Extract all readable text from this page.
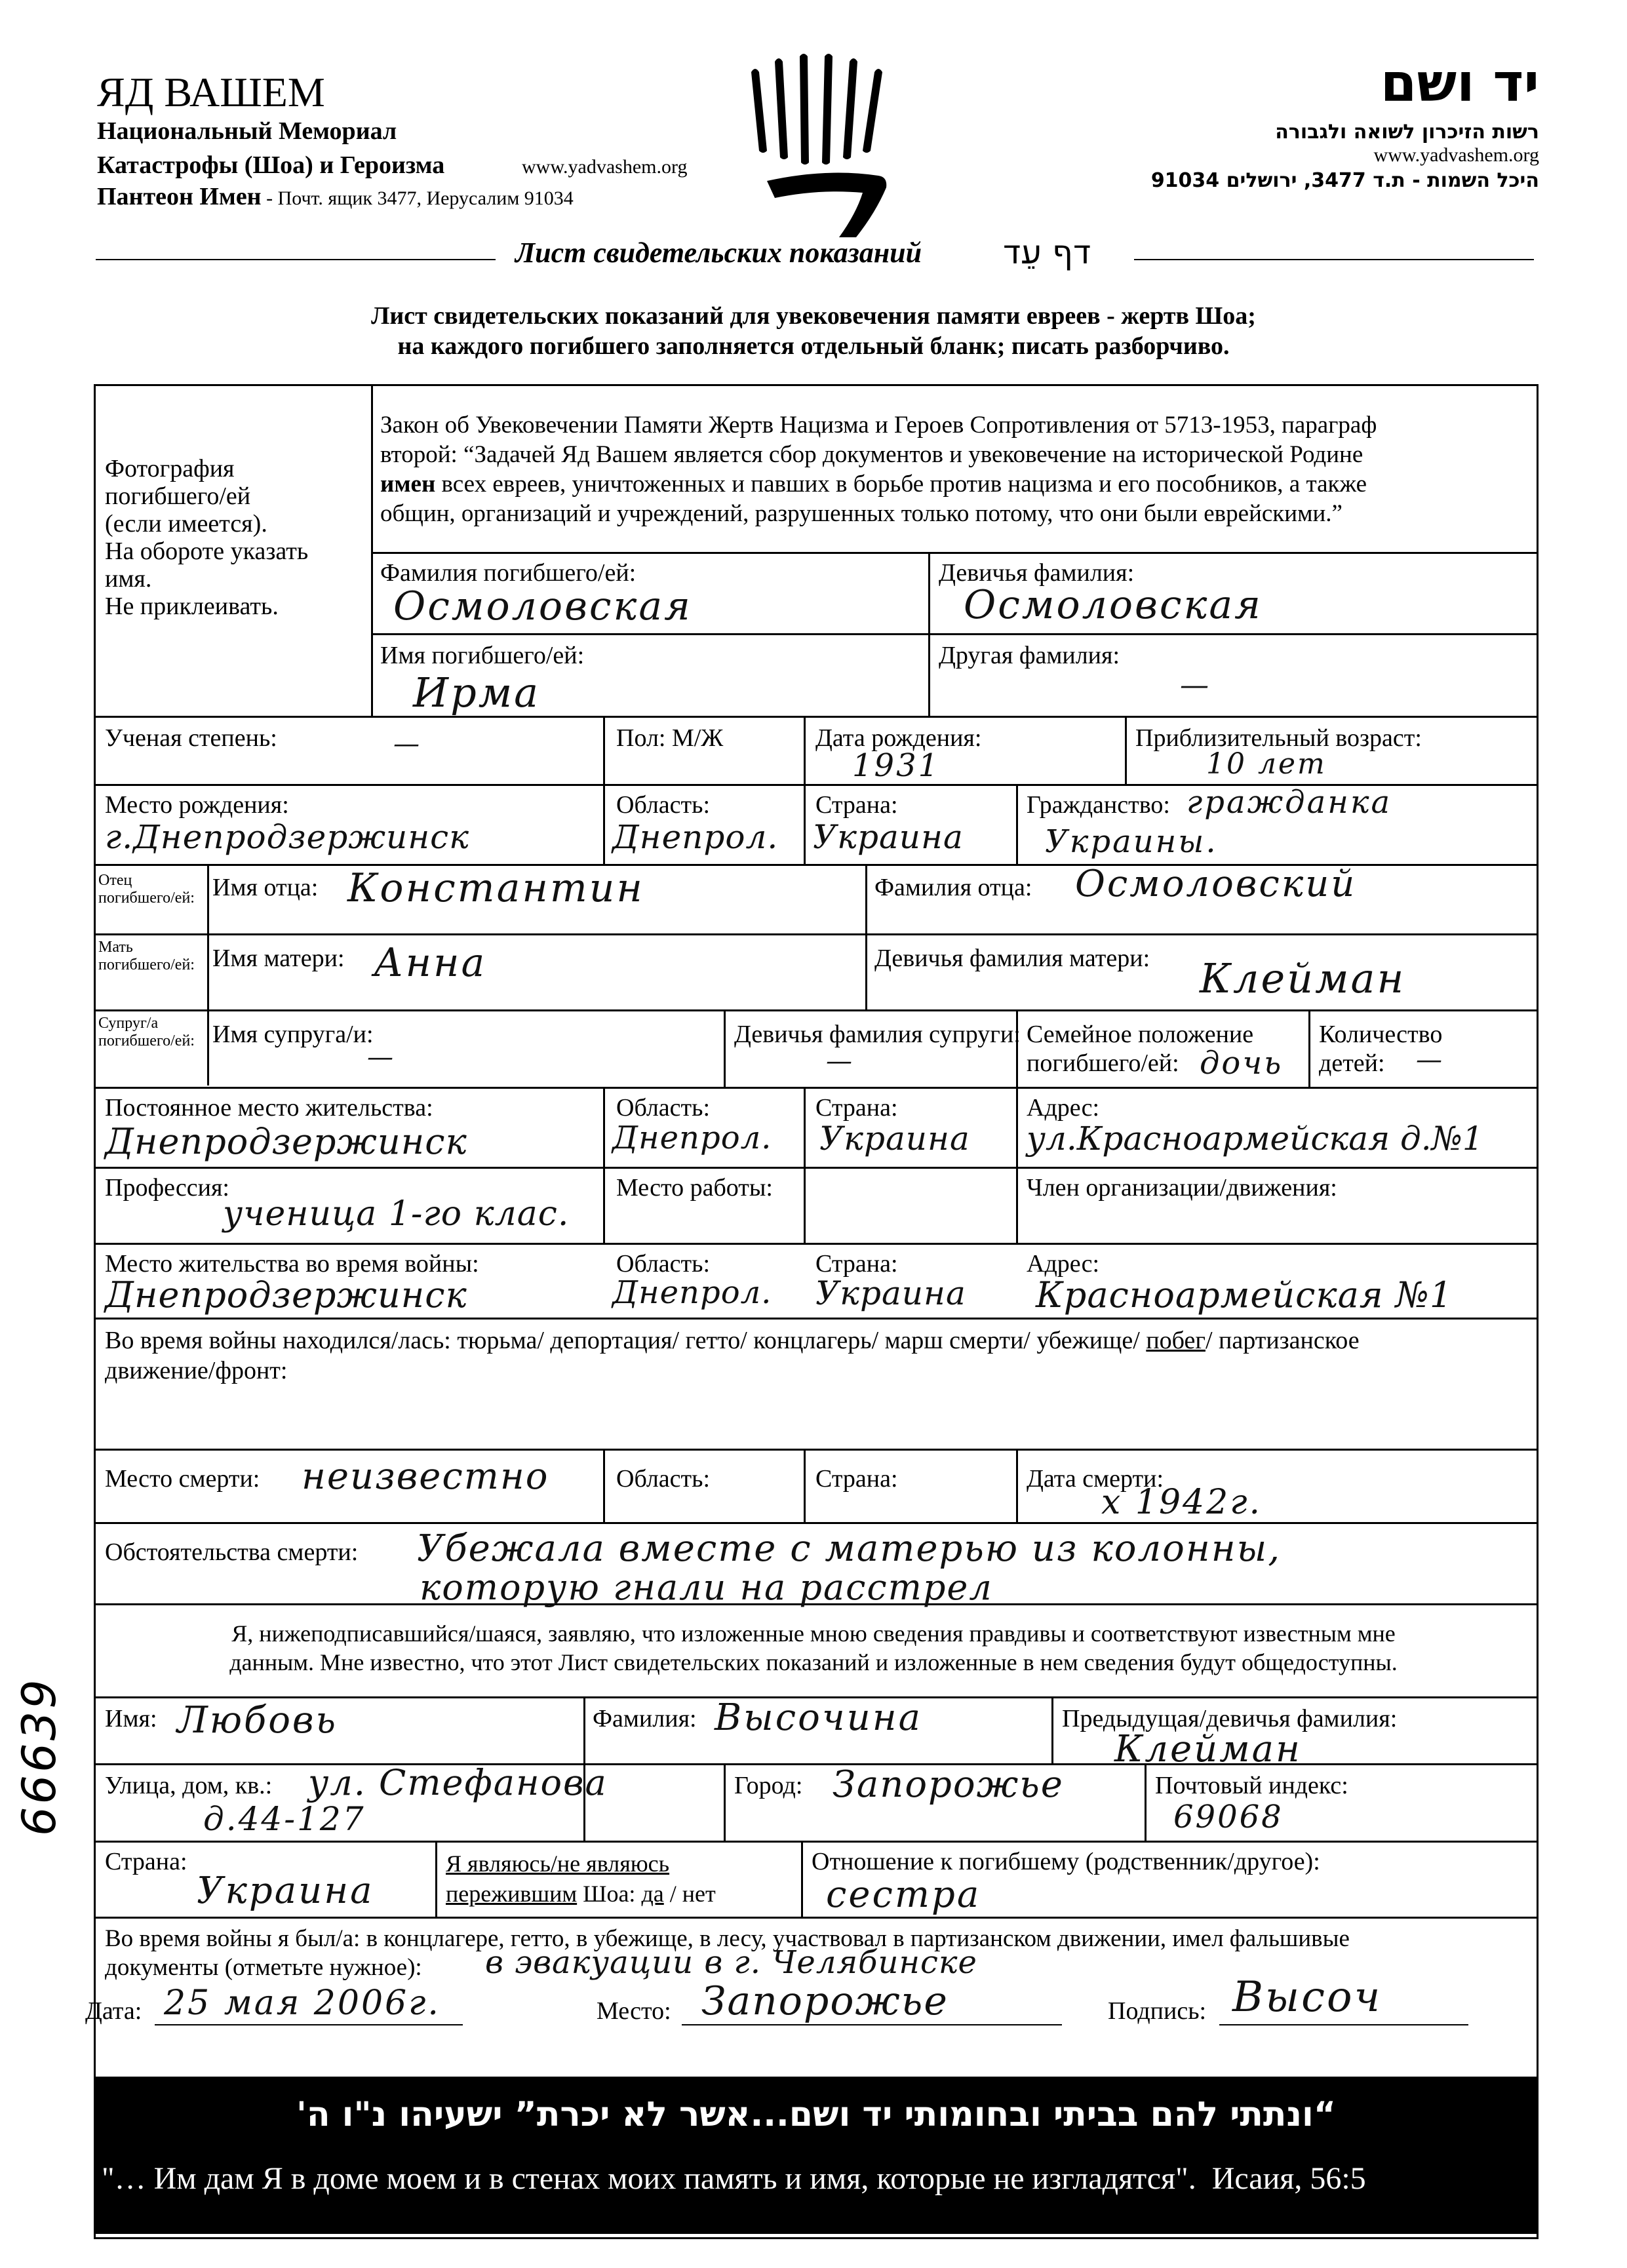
ЯД ВАШЕМ
Национальный Мемориал
Катастрофы (Шоа) и Героизма	www.yadvashem.org
Пантеон Имен - Почт. ящик 3477, Иерусалим 91034
יד ושם
רשות הזיכרון לשואה ולגבורה
www.yadvashem.org
היכל השמות - ת.ד 3477, ירושלים 91034
Лист свидетельских показаний דף עֵד
Лист свидетельских показаний для увековечения памяти евреев - жертв Шоа;
на каждого погибшего заполняется отдельный бланк; писать разборчиво.
Фотография
погибшего/ей
(если имеется).
На обороте указать
имя.
Не приклеивать.
Закон об Увековечении Памяти Жертв Нацизма и Героев Сопротивления от 5713-1953, параграф
второй: “Задачей Яд Вашем является сбор документов и увековечение на исторической Родине
имен всех евреев, уничтоженных и павших в борьбе против нацизма и его пособников, а также
общин, организаций и учреждений, разрушенных только потому, что они были еврейскими.”
Фамилия погибшего/ей:
Осмоловская
Девичья фамилия:
Осмоловская
Имя погибшего/ей:
Ирма
Другая фамилия:
—
Ученая степень:	—	Пол: М/Ж	Дата рождения:
1931
Приблизительный возраст:
10 лет
Место рождения:
г.Днепродзержинск
Область:
Днепрол.
Страна:
Украина
Гражданство: гражданка
Украины.
Отец погибшего/ей: Имя отца: Константин	Фамилия отца: Осмоловский
Мать погибшего/ей: Имя матери: Анна	Девичья фамилия матери: Клейман
Супруг/а погибшего/ей: Имя супруга/и:
—
Девичья фамилия супруги:
—
Семейное положение
погибшего/ей: дочь
Количество
детей:	—
Постоянное место жительства:
Днепродзержинск
Область:
Днепрол.
Страна:
Украина
Адрес:
ул.Красноармейская д.№1
Профессия:
ученица 1-го клас.
Место работы:	Член организации/движения:
Место жительства во время войны:
Днепродзержинск
Область:
Днепрол.
Страна:
Украина
Адрес:
Красноармейская №1
Во время войны находился/лась: тюрьма/ депортация/ гетто/ концлагерь/ марш смерти/ убежище/ побег/ партизанское
движение/фронт:
Место смерти: неизвестно	Область:	Страна:	Дата смерти:
х 1942г.
Обстоятельства смерти: Убежала вместе с матерью из колонны,
которую гнали на расстрел
Я, нижеподписавшийся/шаяся, заявляю, что изложенные мною сведения правдивы и соответствуют известным мне
данным. Мне известно, что этот Лист свидетельских показаний и изложенные в нем сведения будут общедоступны.
Имя: Любовь	Фамилия: Высочина	Предыдущая/девичья фамилия:
Клейман
Улица, дом, кв.: ул. Стефанова
д.44-127
Город: Запорожье	Почтовый индекс:
69068
Страна:
Украина
Я являюсь/не являюсь
пережившим Шоа: да / нет
Отношение к погибшему (родственник/другое):
сестра
Во время войны я был/а: в концлагере, гетто, в убежище, в лесу, участвовал в партизанском движении, имел фальшивые
документы (отметьте нужное):	в эвакуации в г. Челябинске
Дата: 25 мая 2006г.	Место: Запорожье	Подпись: Высоч
66639
“ונתתי להם בביתי ובחומותי יד ושם...אשר לא יכרת” ישעיהו נ"ו ה'
"… Им дам Я в доме моем и в стенах моих память и имя, которые не изгладятся". Исаия, 56:5
